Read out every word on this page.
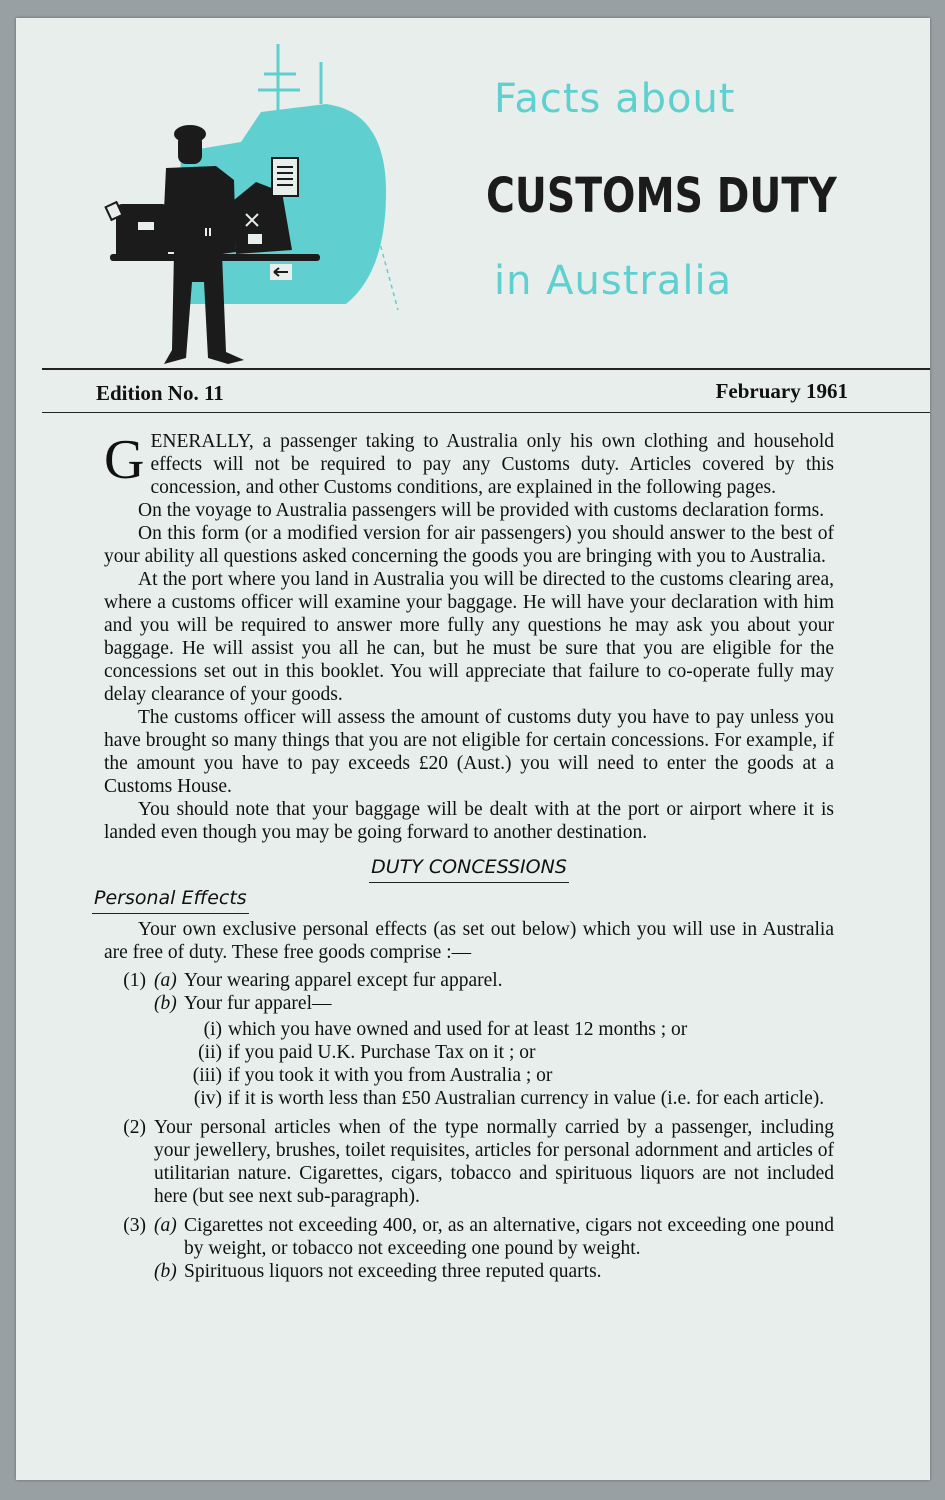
Facts about
CUSTOMS DUTY
in Australia
Edition No. 11	February 1961

GENERALLY, a passenger taking to Australia only his own clothing and household effects will not be required to pay any Customs duty. Articles covered by this concession, and other Customs conditions, are explained in the following pages.

On the voyage to Australia passengers will be provided with customs declaration forms.

On this form (or a modified version for air passengers) you should answer to the best of your ability all questions asked concerning the goods you are bringing with you to Australia.

At the port where you land in Australia you will be directed to the customs clearing area, where a customs officer will examine your baggage. He will have your declaration with him and you will be required to answer more fully any questions he may ask you about your baggage. He will assist you all he can, but he must be sure that you are eligible for the concessions set out in this booklet. You will appreciate that failure to co-operate fully may delay clearance of your goods.

The customs officer will assess the amount of customs duty you have to pay unless you have brought so many things that you are not eligible for certain concessions. For example, if the amount you have to pay exceeds £20 (Aust.) you will need to enter the goods at a Customs House.

You should note that your baggage will be dealt with at the port or airport where it is landed even though you may be going forward to another destination.

DUTY CONCESSIONS
Personal Effects

Your own exclusive personal effects (as set out below) which you will use in Australia are free of duty. These free goods comprise :—

(1) (a) Your wearing apparel except fur apparel.
(b) Your fur apparel—
(i) which you have owned and used for at least 12 months ; or
(ii) if you paid U.K. Purchase Tax on it ; or
(iii) if you took it with you from Australia ; or
(iv) if it is worth less than £50 Australian currency in value (i.e. for each article).
(2) Your personal articles when of the type normally carried by a passenger, including your jewellery, brushes, toilet requisites, articles for personal adornment and articles of utilitarian nature. Cigarettes, cigars, tobacco and spirituous liquors are not included here (but see next sub-paragraph).
(3) (a) Cigarettes not exceeding 400, or, as an alternative, cigars not exceeding one pound by weight, or tobacco not exceeding one pound by weight.
(b) Spirituous liquors not exceeding three reputed quarts.
